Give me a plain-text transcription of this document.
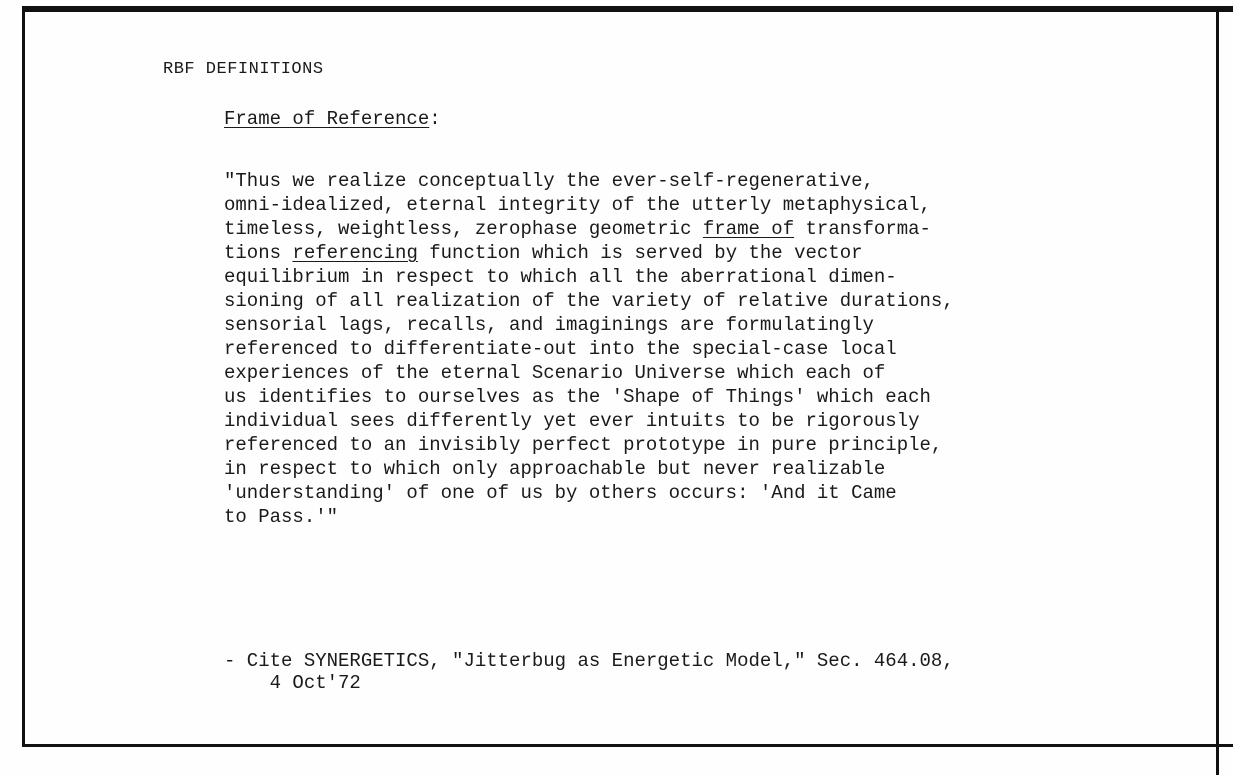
RBF DEFINITIONS
Frame of Reference:
"Thus we realize conceptually the ever-self-regenerative,
omni-idealized, eternal integrity of the utterly metaphysical,
timeless, weightless, zerophase geometric frame of transforma-
tions referencing function which is served by the vector
equilibrium in respect to which all the aberrational dimen-
sioning of all realization of the variety of relative durations,
sensorial lags, recalls, and imaginings are formulatingly
referenced to differentiate-out into the special-case local
experiences of the eternal Scenario Universe which each of
us identifies to ourselves as the 'Shape of Things' which each
individual sees differently yet ever intuits to be rigorously
referenced to an invisibly perfect prototype in pure principle,
in respect to which only approachable but never realizable
'understanding' of one of us by others occurs: 'And it Came
to Pass.'"
- Cite SYNERGETICS, "Jitterbug as Energetic Model," Sec. 464.08,
4 Oct'72
